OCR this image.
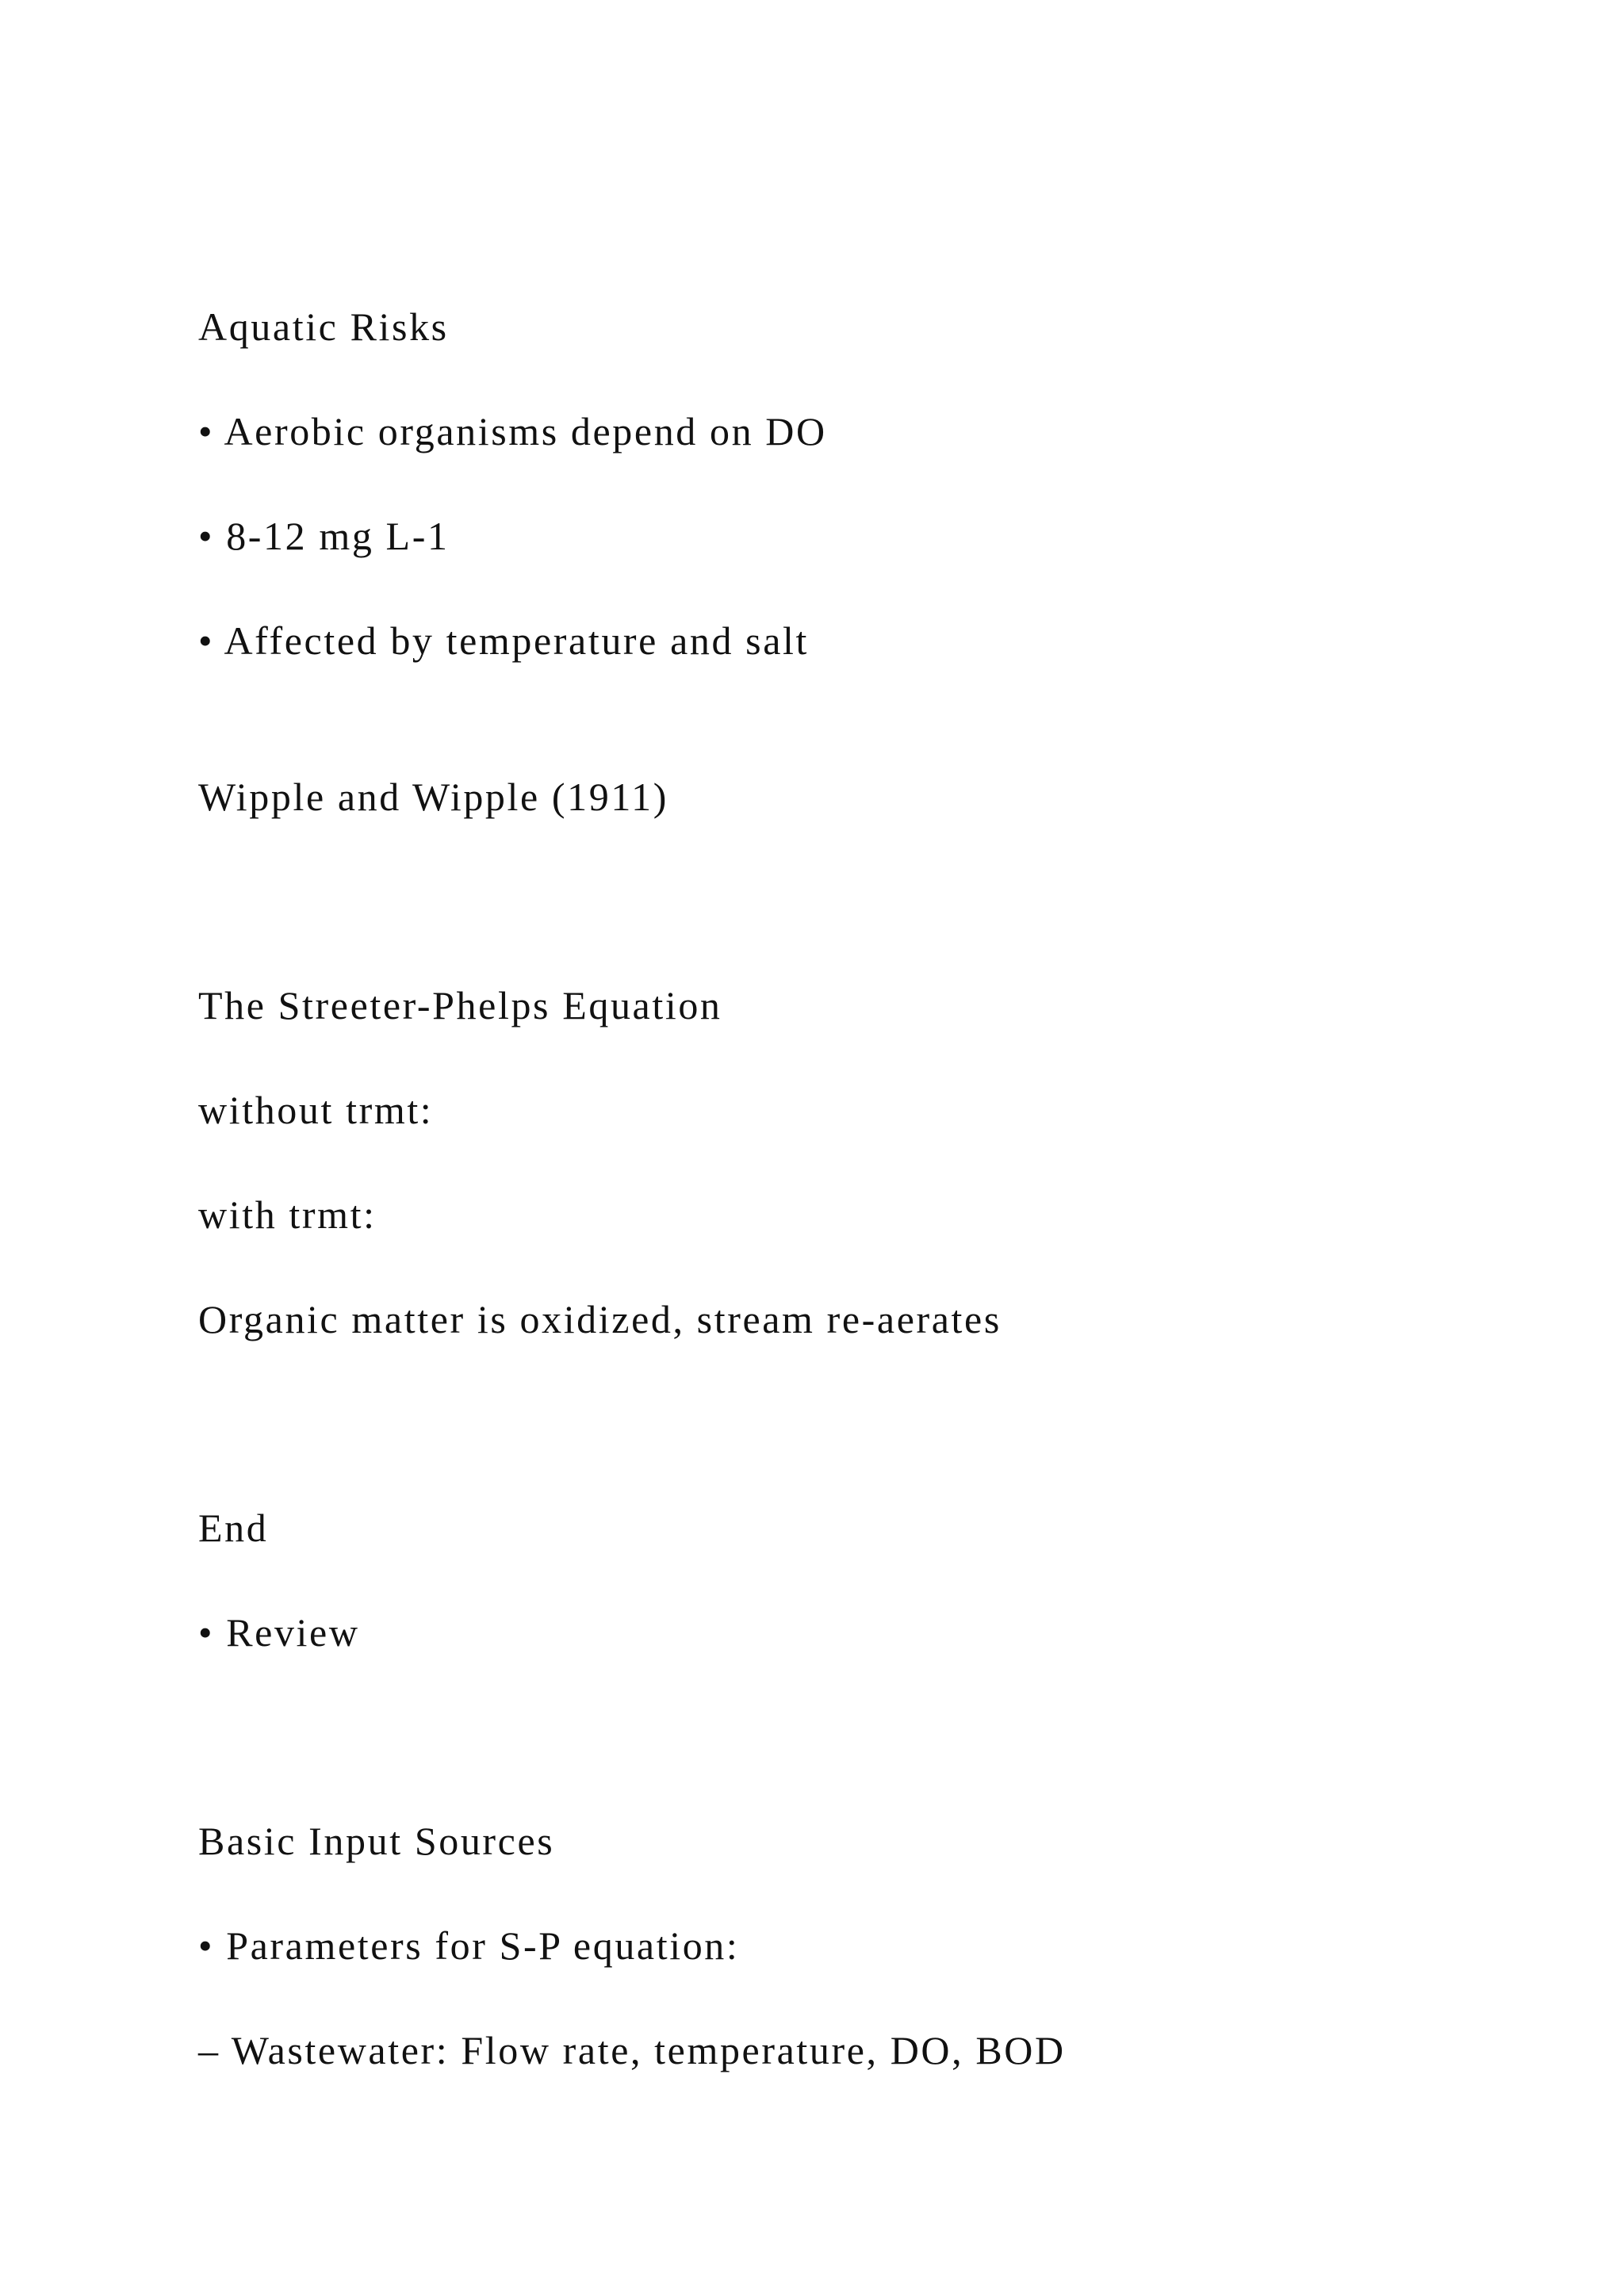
Aquatic Risks

• Aerobic organisms depend on DO

• 8-12 mg L-1

• Affected by temperature and salt

Wipple and Wipple (1911)

The Streeter-Phelps Equation

without trmt:

with trmt:

Organic matter is oxidized, stream re-aerates

End

• Review

Basic Input Sources

• Parameters for S-P equation:

– Wastewater: Flow rate, temperature, DO, BOD
